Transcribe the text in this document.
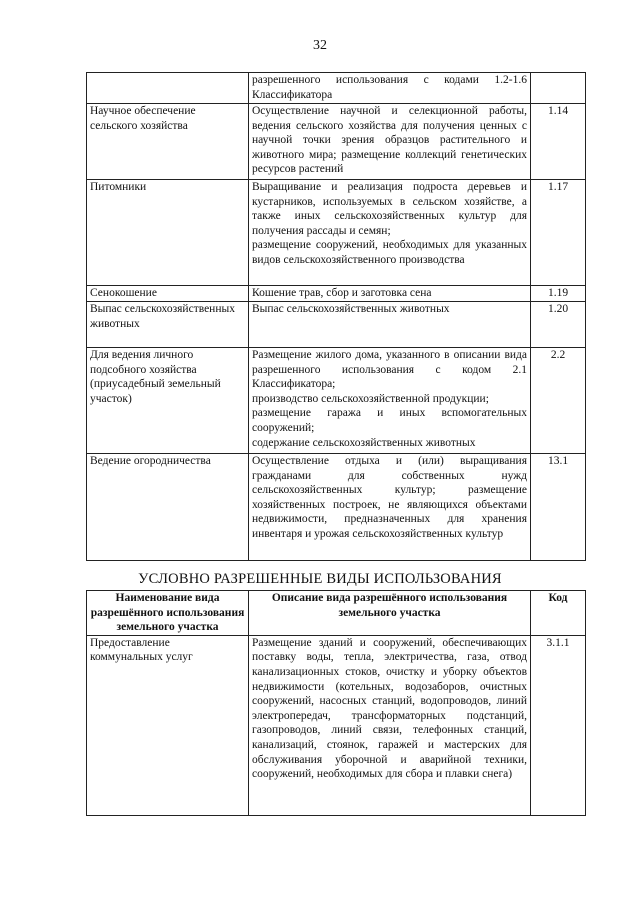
32

	разрешенного использования с кодами 1.2-1.6 Классификатора	

Научное обеспечение сельского хозяйства	Осуществление научной и селекционной работы, ведения сельского хозяйства для получения ценных с научной точки зрения образцов растительного и животного мира; размещение коллекций генетических ресурсов растений	1.14
Питомники	Выращивание и реализация подроста деревьев и кустарников, используемых в сельском хозяйстве, а также иных сельскохозяйственных культур для получения рассады и семян;
размещение сооружений, необходимых для указанных видов сельскохозяйственного производства	1.17
Сенокошение	Кошение трав, сбор и заготовка сена	1.19
Выпас сельскохозяйственных животных	Выпас сельскохозяйственных животных	1.20
Для ведения личного подсобного хозяйства (приусадебный земельный участок)	Размещение жилого дома, указанного в описании вида разрешенного использования с кодом 2.1 Классификатора;
производство сельскохозяйственной продукции;
размещение гаража и иных вспомогательных сооружений;
содержание сельскохозяйственных животных	2.2
Ведение огородничества	Осуществление отдыха и (или) выращивания гражданами для собственных нужд сельскохозяйственных культур; размещение хозяйственных построек, не являющихся объектами недвижимости, предназначенных для хранения инвентаря и урожая сельскохозяйственных культур	13.1
УСЛОВНО РАЗРЕШЕННЫЕ ВИДЫ ИСПОЛЬЗОВАНИЯ
Наименование вида разрешённого использования земельного участка	Описание вида разрешённого использования земельного участка	Код
Предоставление коммунальных услуг	Размещение зданий и сооружений, обеспечивающих поставку воды, тепла, электричества, газа, отвод канализационных стоков, очистку и уборку объектов недвижимости (котельных, водозаборов, очистных сооружений, насосных станций, водопроводов, линий электропередач, трансформаторных подстанций, газопроводов, линий связи, телефонных станций, канализаций, стоянок, гаражей и мастерских для обслуживания уборочной и аварийной техники, сооружений, необходимых для сбора и плавки снега)	3.1.1
